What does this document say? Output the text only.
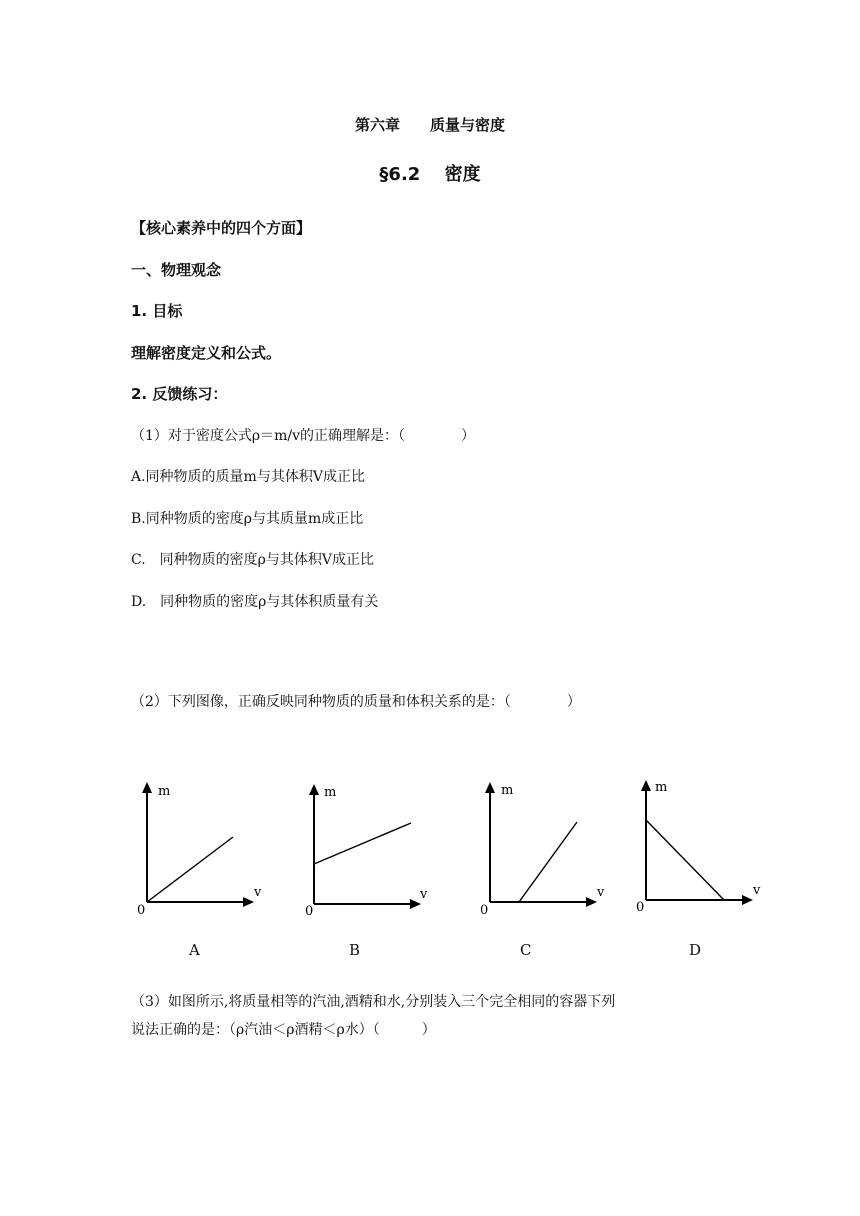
第六章　　质量与密度
§6.2　 密度
【核心素养中的四个方面】
一、物理观念
1. 目标
理解密度定义和公式。
2. 反馈练习：
（1）对于密度公式ρ＝m/v的正确理解是：（　　　　）
A.同种物质的质量m与其体积V成正比
B.同种物质的密度ρ与其质量m成正比
C.　同种物质的密度ρ与其体积V成正比
D.　同种物质的密度ρ与其体积质量有关
（2）下列图像，正确反映同种物质的质量和体积关系的是：（　　　　）
m
v
0
m
v
0
m
v
0
m
v
0
A	B	C	D
（3）如图所示,将质量相等的汽油,酒精和水,分别装入三个完全相同的容器下列
说法正确的是：（ρ汽油＜ρ酒精＜ρ水）（　　　）
